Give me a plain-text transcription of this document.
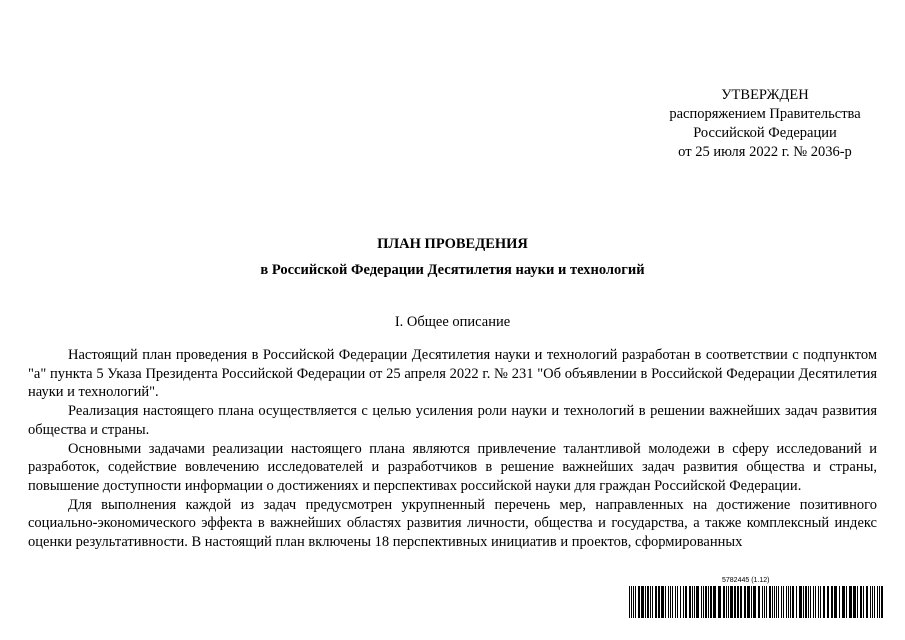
УТВЕРЖДЕН
распоряжением Правительства
Российской Федерации
от 25 июля 2022 г. № 2036-р
ПЛАН ПРОВЕДЕНИЯ
в Российской Федерации Десятилетия науки и технологий
I. Общее описание

Настоящий план проведения в Российской Федерации Десятилетия науки и технологий разработан в соответствии с подпунктом "а" пункта 5 Указа Президента Российской Федерации от 25 апреля 2022 г. № 231 "Об объявлении в Российской Федерации Десятилетия науки и технологий".

Реализация настоящего плана осуществляется с целью усиления роли науки и технологий в решении важнейших задач развития общества и страны.

Основными задачами реализации настоящего плана являются привлечение талантливой молодежи в сферу исследований и разработок, содействие вовлечению исследователей и разработчиков в решение важнейших задач развития общества и страны, повышение доступности информации о достижениях и перспективах российской науки для граждан Российской Федерации.

Для выполнения каждой из задач предусмотрен укрупненный перечень мер, направленных на достижение позитивного социально-экономического эффекта в важнейших областях развития личности, общества и государства, а также комплексный индекс оценки результативности. В настоящий план включены 18 перспективных инициатив и проектов, сформированных

5782445 (1.12)
